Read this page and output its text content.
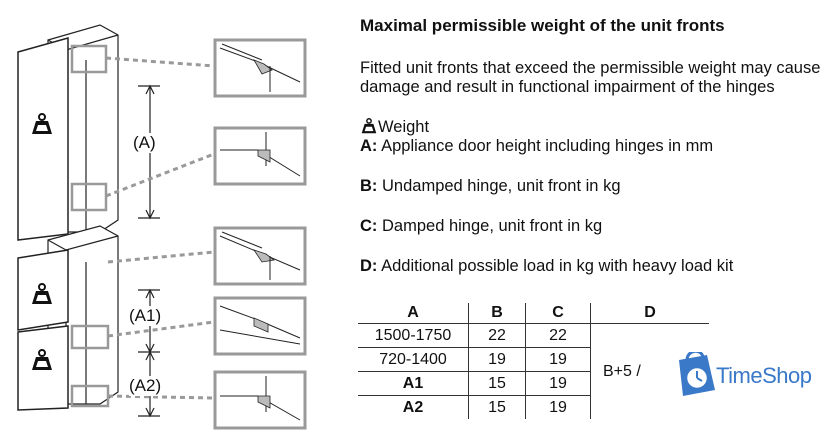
(A)
(A1)
(A2)
Maximal permissible weight of the unit fronts
Fitted unit fronts that exceed the permissible weight may cause damage and result in functional impairment of the hinges
Weight
A: Appliance door height including hinges in mm
B: Undamped hinge, unit front in kg
C: Damped hinge, unit front in kg
D: Additional possible load in kg with heavy load kit
A	B	C	D
1500-1750	22	22	B+5 /
720-1400	19	19	
A1	15	19	
A2	15	19	
TimeShop
